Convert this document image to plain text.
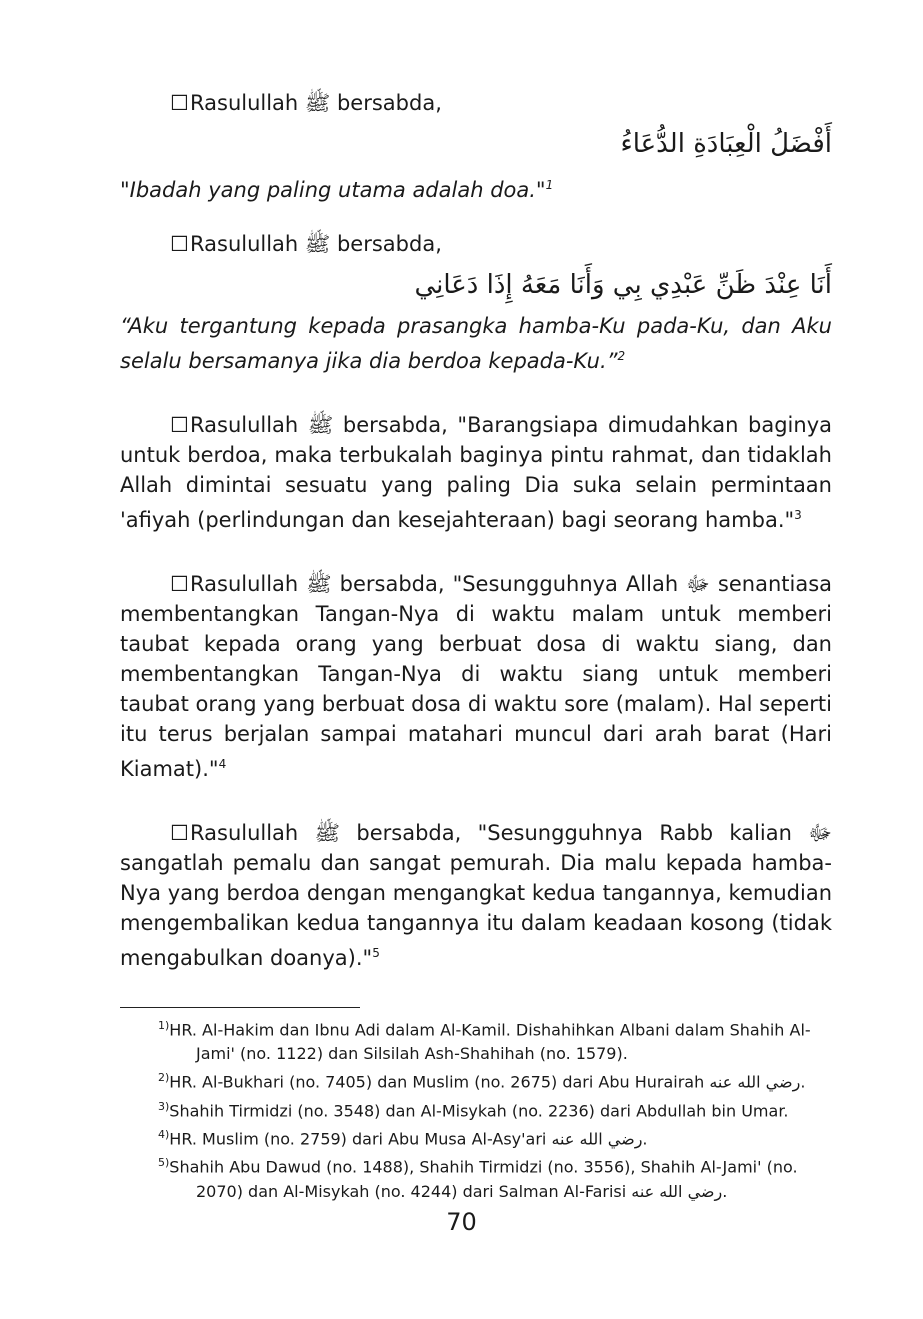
☐Rasulullah ﷺ bersabda,
أَفْضَلُ الْعِبَادَةِ الدُّعَاءُ
"Ibadah yang paling utama adalah doa."$^1$
☐Rasulullah ﷺ bersabda,
أَنَا عِنْدَ ظَنِّ عَبْدِي بِي وَأَنَا مَعَهُ إِذَا دَعَانِي
“Aku tergantung kepada prasangka hamba-Ku pada-Ku, dan Aku selalu bersamanya jika dia berdoa kepada-Ku.”$^2$
☐Rasulullah ﷺ bersabda, "Barangsiapa dimudahkan baginya untuk berdoa, maka terbukalah baginya pintu rahmat, dan tidaklah Allah dimintai sesuatu yang paling Dia suka selain permintaan 'afiyah (perlindungan dan kesejahteraan) bagi seorang hamba."$^3$
☐Rasulullah ﷺ bersabda, "Sesungguhnya Allah ﷻ senantiasa membentangkan Tangan-Nya di waktu malam untuk memberi taubat kepada orang yang berbuat dosa di waktu siang, dan membentangkan Tangan-Nya di waktu siang untuk memberi taubat orang yang berbuat dosa di waktu sore (malam). Hal seperti itu terus berjalan sampai matahari muncul dari arah barat (Hari Kiamat)."$^4$
☐Rasulullah ﷺ bersabda, "Sesungguhnya Rabb kalian ﷻ sangatlah pemalu dan sangat pemurah. Dia malu kepada hamba-Nya yang berdoa dengan mengangkat kedua tangannya, kemudian mengembalikan kedua tangannya itu dalam keadaan kosong (tidak mengabulkan doanya)."$^5$
$^{1)}$HR. Al-Hakim dan Ibnu Adi dalam Al-Kamil. Dishahihkan Albani dalam Shahih Al-Jami' (no. 1122) dan Silsilah Ash-Shahihah (no. 1579).
$^{2)}$HR. Al-Bukhari (no. 7405) dan Muslim (no. 2675) dari Abu Hurairah رضي الله عنه.
$^{3)}$Shahih Tirmidzi (no. 3548) dan Al-Misykah (no. 2236) dari Abdullah bin Umar.
$^{4)}$HR. Muslim (no. 2759) dari Abu Musa Al-Asy'ari رضي الله عنه.
$^{5)}$Shahih Abu Dawud (no. 1488), Shahih Tirmidzi (no. 3556), Shahih Al-Jami' (no. 2070) dan Al-Misykah (no. 4244) dari Salman Al-Farisi رضي الله عنه.
70
